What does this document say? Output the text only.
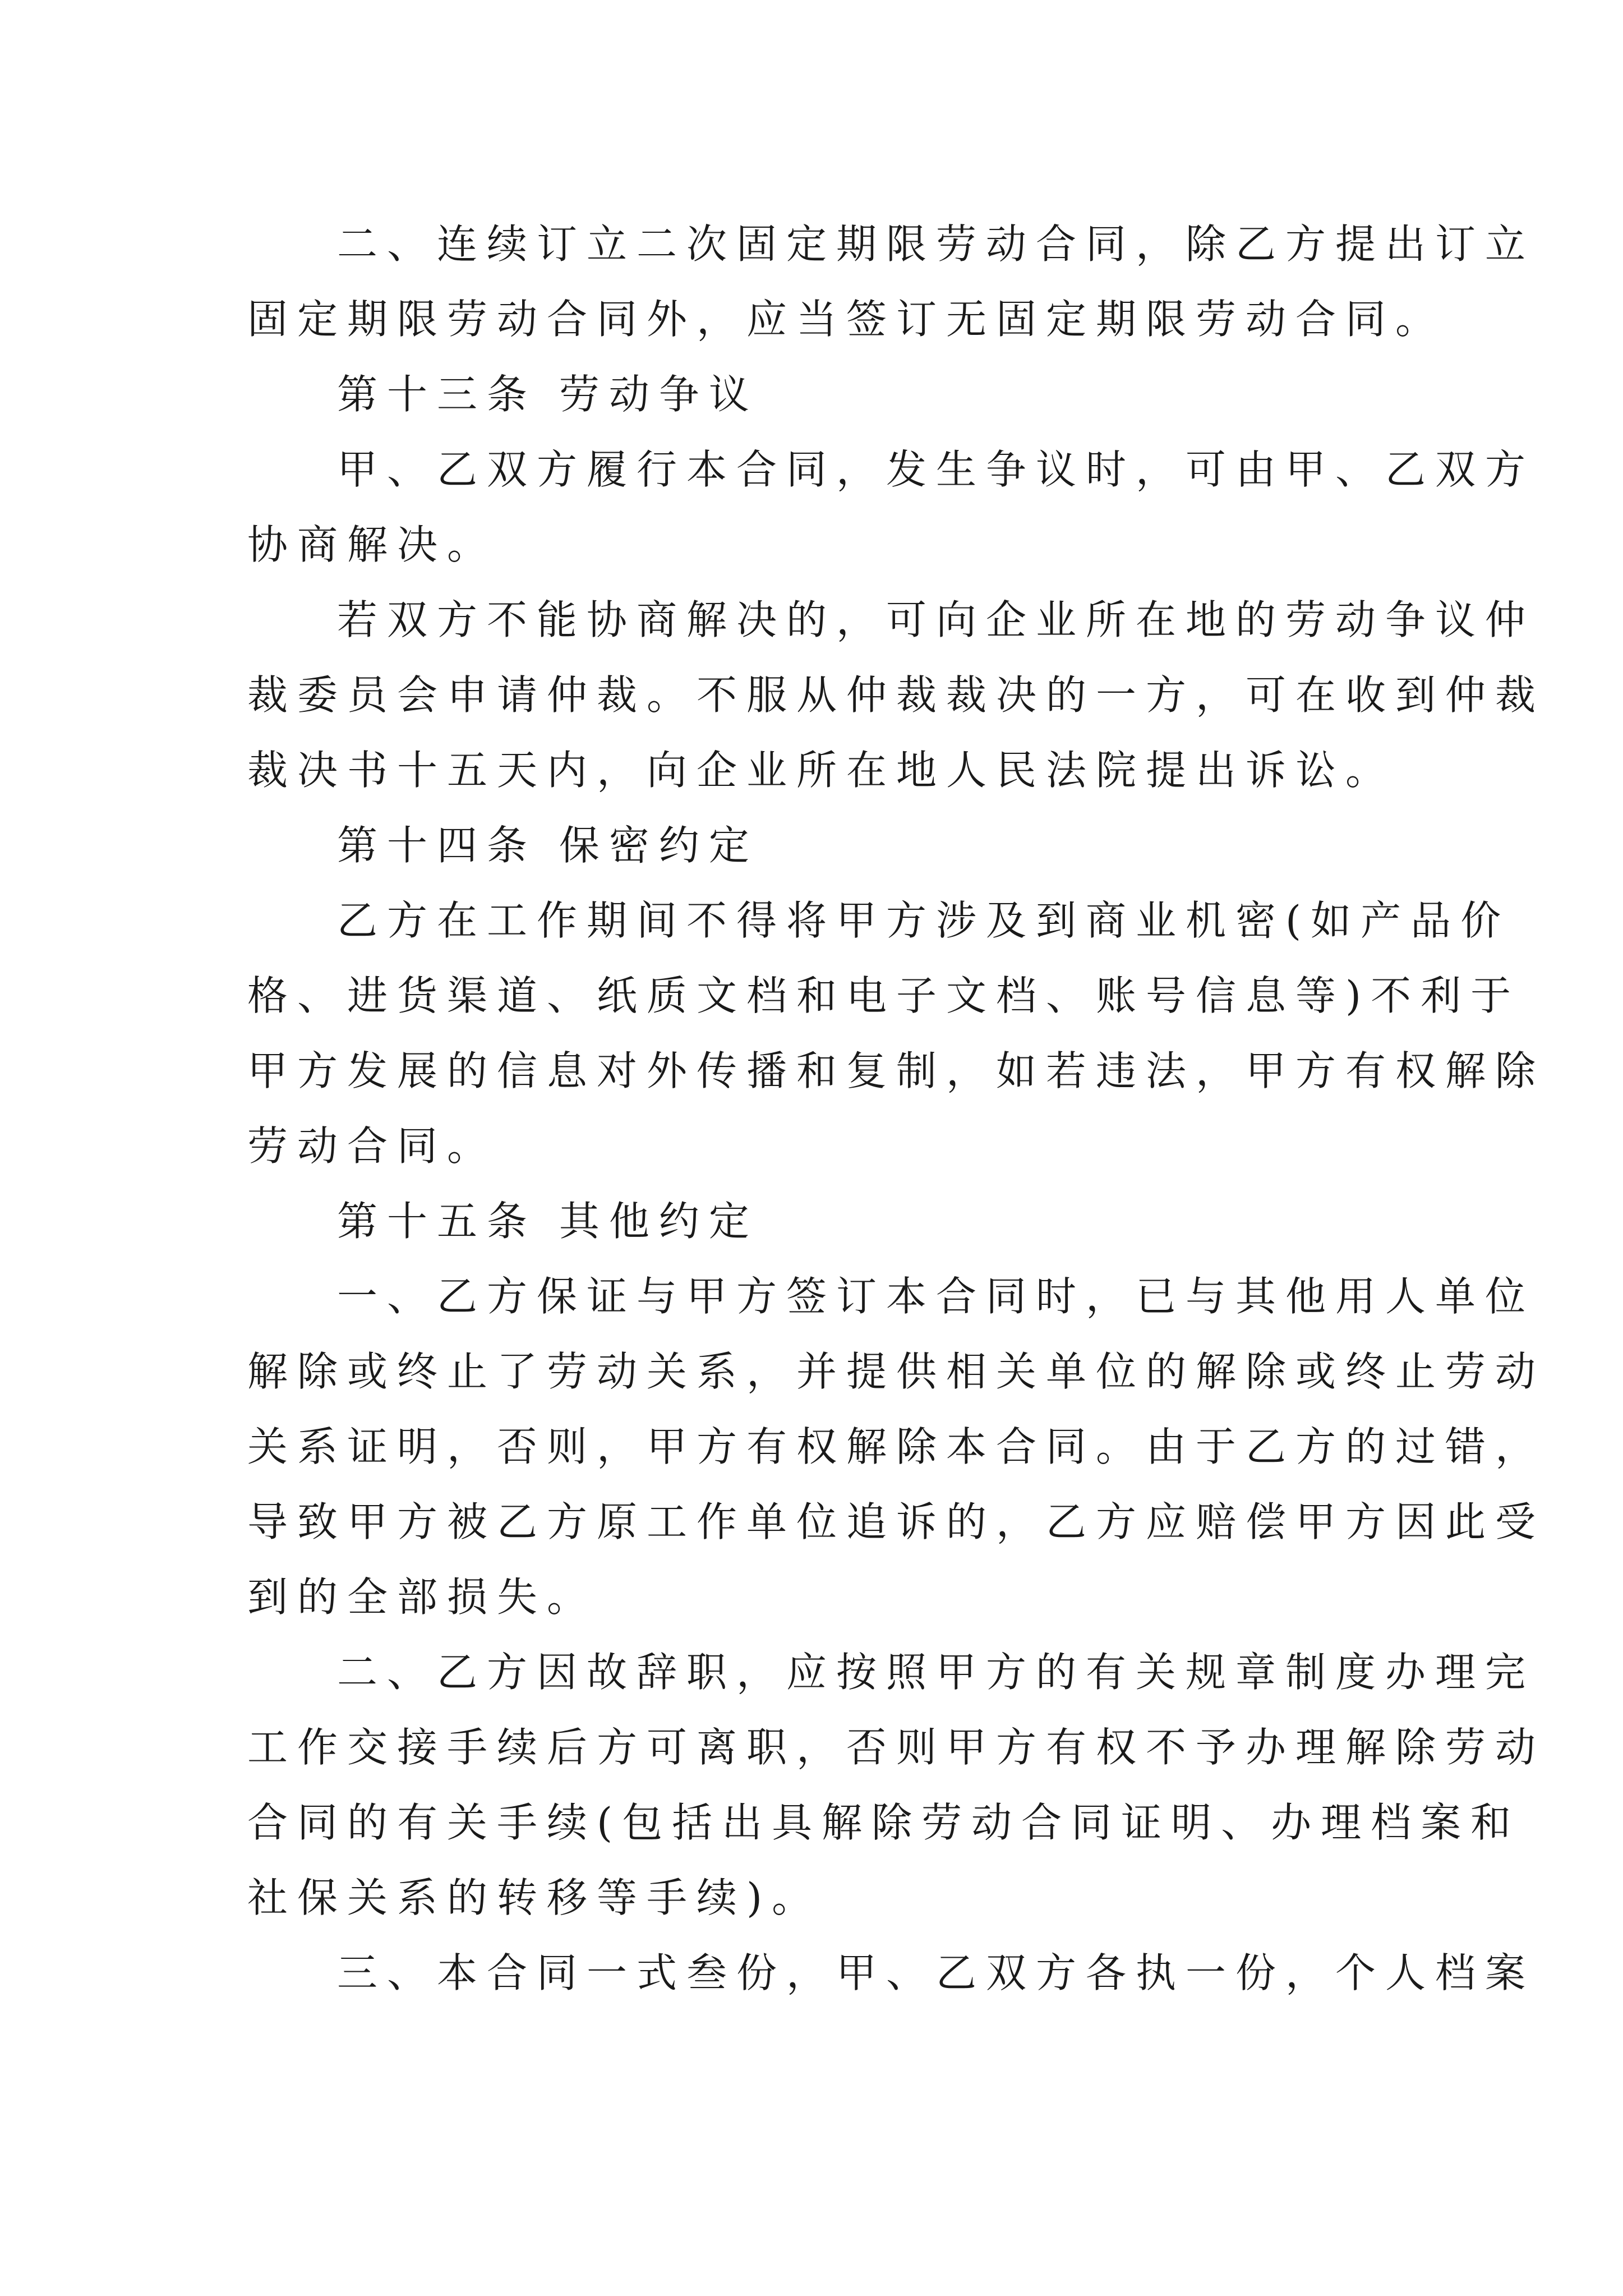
二、连续订立二次固定期限劳动合同，除乙方提出订立
固定期限劳动合同外，应当签订无固定期限劳动合同。
第十三条 劳动争议
甲、乙双方履行本合同，发生争议时，可由甲、乙双方
协商解决。
若双方不能协商解决的，可向企业所在地的劳动争议仲
裁委员会申请仲裁。不服从仲裁裁决的一方，可在收到仲裁
裁决书十五天内，向企业所在地人民法院提出诉讼。
第十四条 保密约定
乙方在工作期间不得将甲方涉及到商业机密(如产品价
格、进货渠道、纸质文档和电子文档、账号信息等)不利于
甲方发展的信息对外传播和复制，如若违法，甲方有权解除
劳动合同。
第十五条 其他约定
一、乙方保证与甲方签订本合同时，已与其他用人单位
解除或终止了劳动关系，并提供相关单位的解除或终止劳动
关系证明，否则，甲方有权解除本合同。由于乙方的过错，
导致甲方被乙方原工作单位追诉的，乙方应赔偿甲方因此受
到的全部损失。
二、乙方因故辞职，应按照甲方的有关规章制度办理完
工作交接手续后方可离职，否则甲方有权不予办理解除劳动
合同的有关手续(包括出具解除劳动合同证明、办理档案和
社保关系的转移等手续)。
三、本合同一式叁份，甲、乙双方各执一份，个人档案
